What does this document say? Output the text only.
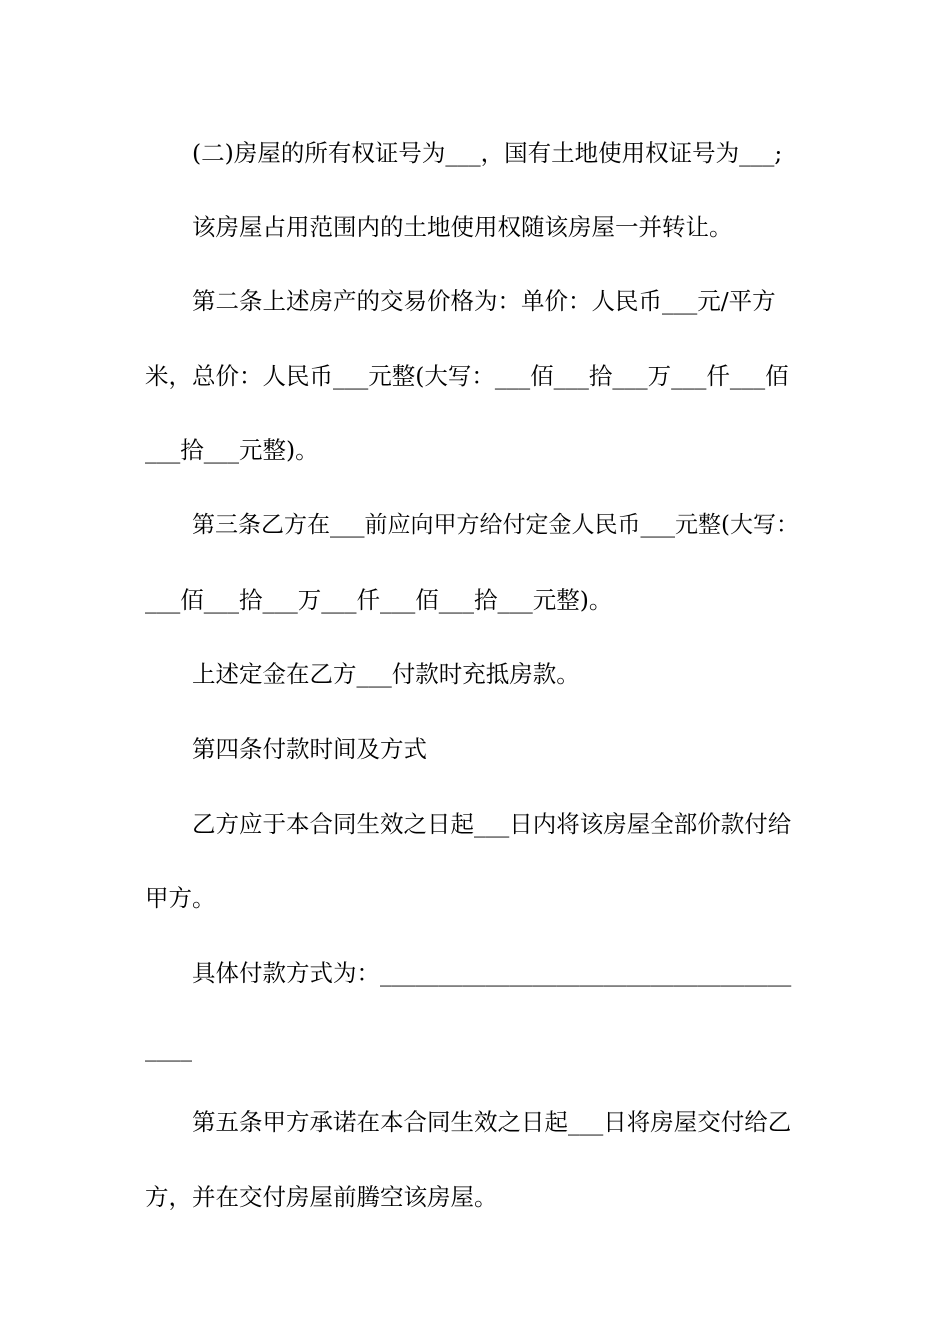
(二)房屋的所有权证号为___，国有土地使用权证号为___;
该房屋占用范围内的土地使用权随该房屋一并转让。
第二条上述房产的交易价格为：单价：人民币___元/平方
米，总价：人民币___元整(大写：___佰___拾___万___仟___佰
___拾___元整)。
第三条乙方在___前应向甲方给付定金人民币___元整(大写：
___佰___拾___万___仟___佰___拾___元整)。
上述定金在乙方___付款时充抵房款。
第四条付款时间及方式
乙方应于本合同生效之日起___日内将该房屋全部价款付给
甲方。
具体付款方式为：___________________________________
____
第五条甲方承诺在本合同生效之日起___日将房屋交付给乙
方，并在交付房屋前腾空该房屋。
